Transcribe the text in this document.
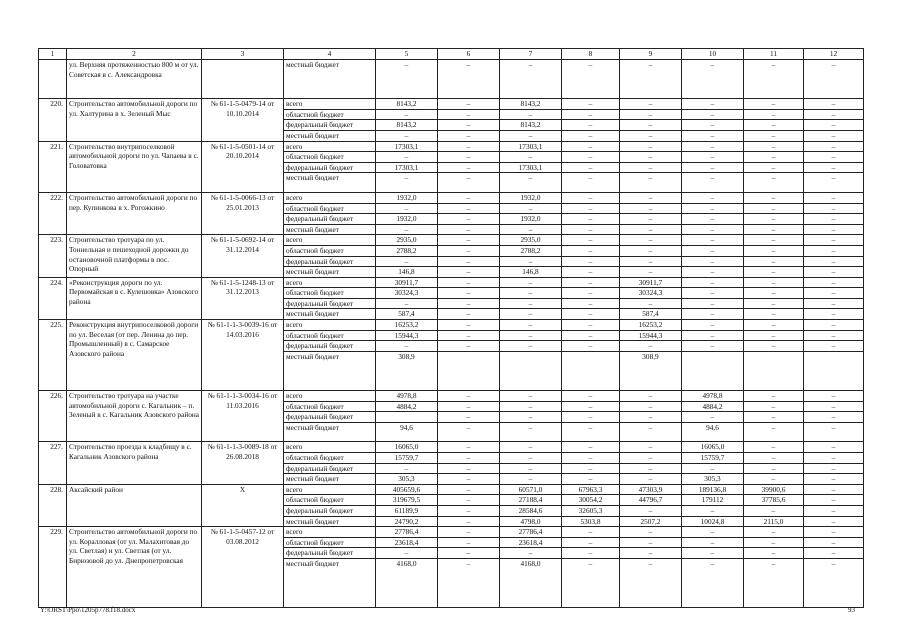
1	2	3	4	5	6	7	8	9	10	11	12
	ул. Верхняя протяженностью 800 м от ул. Советская в с. Александровка		местный бюджет	–	–	–	–	–	–	–	–
220.	Строительство автомобильной дороги по ул. Халтурина в х. Зеленый Мыс	№ 61-1-5-0479-14 от 10.10.2014	всего	8143,2	–	8143,2	–	–	–	–	–
			областной бюджет	–	–	–	–	–	–	–	–
			федеральный бюджет	8143,2	–	8143,2	–	–	–	–	–
			местный бюджет	–	–	–	–	–	–	–	–
221.	Строительство внутрипоселковой автомобильной дороги по ул. Чапаева в с. Головатовка	№ 61-1-5-0501-14 от 20.10.2014	всего	17303,1	–	17303,1	–	–	–	–	–
			областной бюджет	–	–	–	–	–	–	–	–
			федеральный бюджет	17303,1	–	17303,1	–	–	–	–	–
			местный бюджет	–	–	–	–	–	–	–	–
222.	Строительство автомобильной дороги по пер. Купинкова в х. Рогожкино	№ 61-1-5-0066-13 от 25.01.2013	всего	1932,0	–	1932,0	–	–	–	–	–
			областной бюджет	–	–	–	–	–	–	–	–
			федеральный бюджет	1932,0	–	1932,0	–	–	–	–	–
			местный бюджет	–	–	–	–	–	–	–	–
223.	Строительство тротуара по ул. Тоннельная и пешеходной дорожки до остановочной платформы в пос. Опорный	№ 61-1-5-0692-14 от 31.12.2014	всего	2935,0	–	2935,0	–	–	–	–	–
			областной бюджет	2788,2	–	2788,2	–	–	–	–	–
			федеральный бюджет	–	–	–	–	–	–	–	–
			местный бюджет	146,8	–	146,8	–	–	–	–	–
224.	«Реконструкция дороги по ул. Первомайская в с. Кулешовка» Азовского района	№ 61-1-5-1248-13 от 31.12.2013	всего	30911,7	–	–	–	30911,7	–	–	–
			областной бюджет	30324,3	–	–	–	30324,3	–	–	–
			федеральный бюджет	–	–	–	–	–	–	–	–
			местный бюджет	587,4	–	–	–	587,4	–	–	–
225.	Реконструкция внутрипоселковой дороги по ул. Веселая (от пер. Ленина до пер. Промышленный) в с. Самарское Азовского района	№ 61-1-1-3-0039-16 от 14.03.2016	всего	16253,2	–	–	–	16253,2	–	–	–
			областной бюджет	15944,3	–	–	–	15944,3	–	–	–
			федеральный бюджет	–	–	–	–	–	–	–	–
			местный бюджет	308,9				308,9			
226.	Строительство тротуара на участке автомобильной дороги с. Кагальник – п. Зеленый в с. Кагальник Азовского района	№ 61-1-1-3-0034-16 от 11.03.2016	всего	4978,8	–	–	–	–	4978,8	–	–
			областной бюджет	4884,2	–	–	–	–	4884,2	–	–
			федеральный бюджет		–	–	–	–	–	–	–
			местный бюджет	94,6	–	–	–	–	94,6	–	–
227.	Строительство проезда к кладбищу в с. Кагальник Азовского района	№ 61-1-1-3-0089-18 от 26.08.2018	всего	16065,0	–	–	–	–	16065,0	–	–
			областной бюджет	15759,7	–	–	–	–	15759,7	–	–
			федеральный бюджет	–	–	–	–	–	–	–	–
			местный бюджет	305,3	–	–	–	–	305,3	–	–
228.	Аксайский район	Х	всего	405659,6	–	60571,0	67963,3	47303,9	189136,8	39900,6	–
			областной бюджет	319679,5	–	27188,4	30054,2	44796,7	179112	37785,6	–
			федеральный бюджет	61189,9	–	28584,6	32605,3	–	–	–	–
			местный бюджет	24790,2	–	4798,0	5303,8	2507,2	10024,8	2115,0	–
229.	Строительство автомобильной дороги по ул. Коралловая (от ул. Малахитовая до ул. Светлая) и ул. Светлая (от ул. Бирюзовой до ул. Днепропетровская	№ 61-1-5-0457-12 от 03.08.2012	всего	27786,4	–	27786,4	–	–	–	–	–
			областной бюджет	23618,4	–	23618,4	–	–	–	–	–
			федеральный бюджет	–	–	–	–	–	–	–	–
			местный бюджет	4168,0	–	4168,0	–	–	–	–	–
Y:\ORST\Ppo\1205p778.f18.docx	93
